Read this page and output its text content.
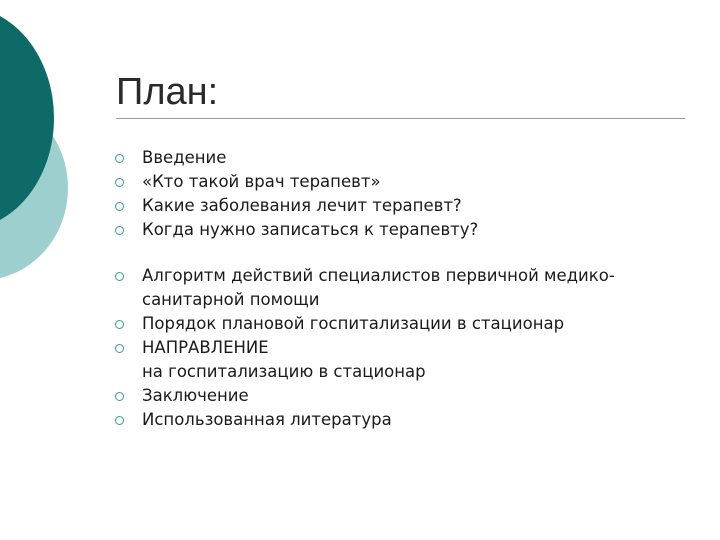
План:
Введение
«Кто такой врач терапевт»
Какие заболевания лечит терапевт?
Когда нужно записаться к терапевту?
Алгоритм действий специалистов первичной медико-
санитарной помощи
Порядок плановой госпитализации в стационар
НАПРАВЛЕНИЕ
на госпитализацию в стационар
Заключение
Использованная литература
